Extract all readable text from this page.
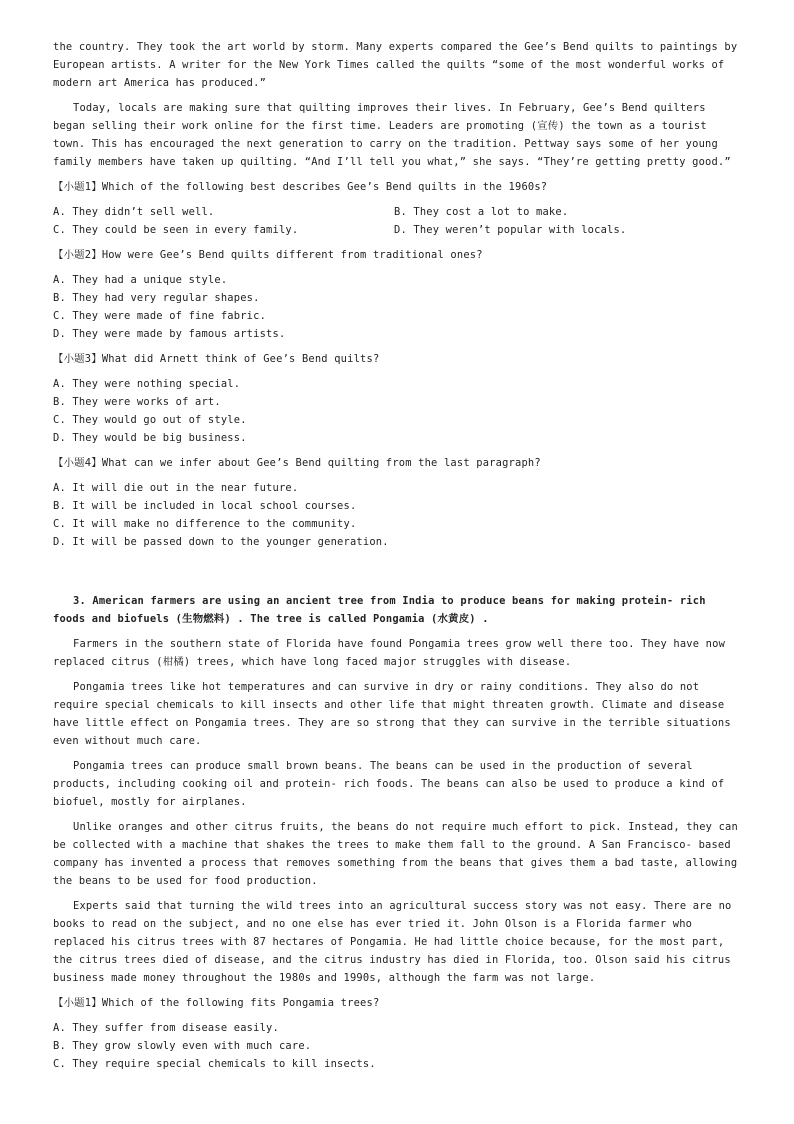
the country. They took the art world by storm. Many experts compared the Gee’s Bend quilts to paintings by European artists. A writer for the New York Times called the quilts “some of the most wonderful works of modern art America has produced.”

Today, locals are making sure that quilting improves their lives. In February, Gee’s Bend quilters began selling their work online for the first time. Leaders are promoting (宣传) the town as a tourist town. This has encouraged the next generation to carry on the tradition. Pettway says some of her young family members have taken up quilting. “And I’ll tell you what,” she says. “They’re getting pretty good.”

【小题1】Which of the following best describes Gee’s Bend quilts in the 1960s?

A. They didn’t sell well.	B. They cost a lot to make.
C. They could be seen in every family.	D. They weren’t popular with locals.

【小题2】How were Gee’s Bend quilts different from traditional ones?

A. They had a unique style.
B. They had very regular shapes.
C. They were made of fine fabric.
D. They were made by famous artists.

【小题3】What did Arnett think of Gee’s Bend quilts?

A. They were nothing special.
B. They were works of art.
C. They would go out of style.
D. They would be big business.

【小题4】What can we infer about Gee’s Bend quilting from the last paragraph?

A. It will die out in the near future.
B. It will be included in local school courses.
C. It will make no difference to the community.
D. It will be passed down to the younger generation.

3. American farmers are using an ancient tree from India to produce beans for making protein- rich foods and biofuels (生物燃料) . The tree is called Pongamia (水黄皮) .

Farmers in the southern state of Florida have found Pongamia trees grow well there too. They have now replaced citrus (柑橘) trees, which have long faced major struggles with disease.

Pongamia trees like hot temperatures and can survive in dry or rainy conditions. They also do not require special chemicals to kill insects and other life that might threaten growth. Climate and disease have little effect on Pongamia trees. They are so strong that they can survive in the terrible situations even without much care.

Pongamia trees can produce small brown beans. The beans can be used in the production of several products, including cooking oil and protein- rich foods. The beans can also be used to produce a kind of biofuel, mostly for airplanes.

Unlike oranges and other citrus fruits, the beans do not require much effort to pick. Instead, they can be collected with a machine that shakes the trees to make them fall to the ground. A San Francisco- based company has invented a process that removes something from the beans that gives them a bad taste, allowing the beans to be used for food production.

Experts said that turning the wild trees into an agricultural success story was not easy. There are no books to read on the subject, and no one else has ever tried it. John Olson is a Florida farmer who replaced his citrus trees with 87 hectares of Pongamia. He had little choice because, for the most part, the citrus trees died of disease, and the citrus industry has died in Florida, too. Olson said his citrus business made money throughout the 1980s and 1990s, although the farm was not large.

【小题1】Which of the following fits Pongamia trees?

A. They suffer from disease easily.
B. They grow slowly even with much care.
C. They require special chemicals to kill insects.
